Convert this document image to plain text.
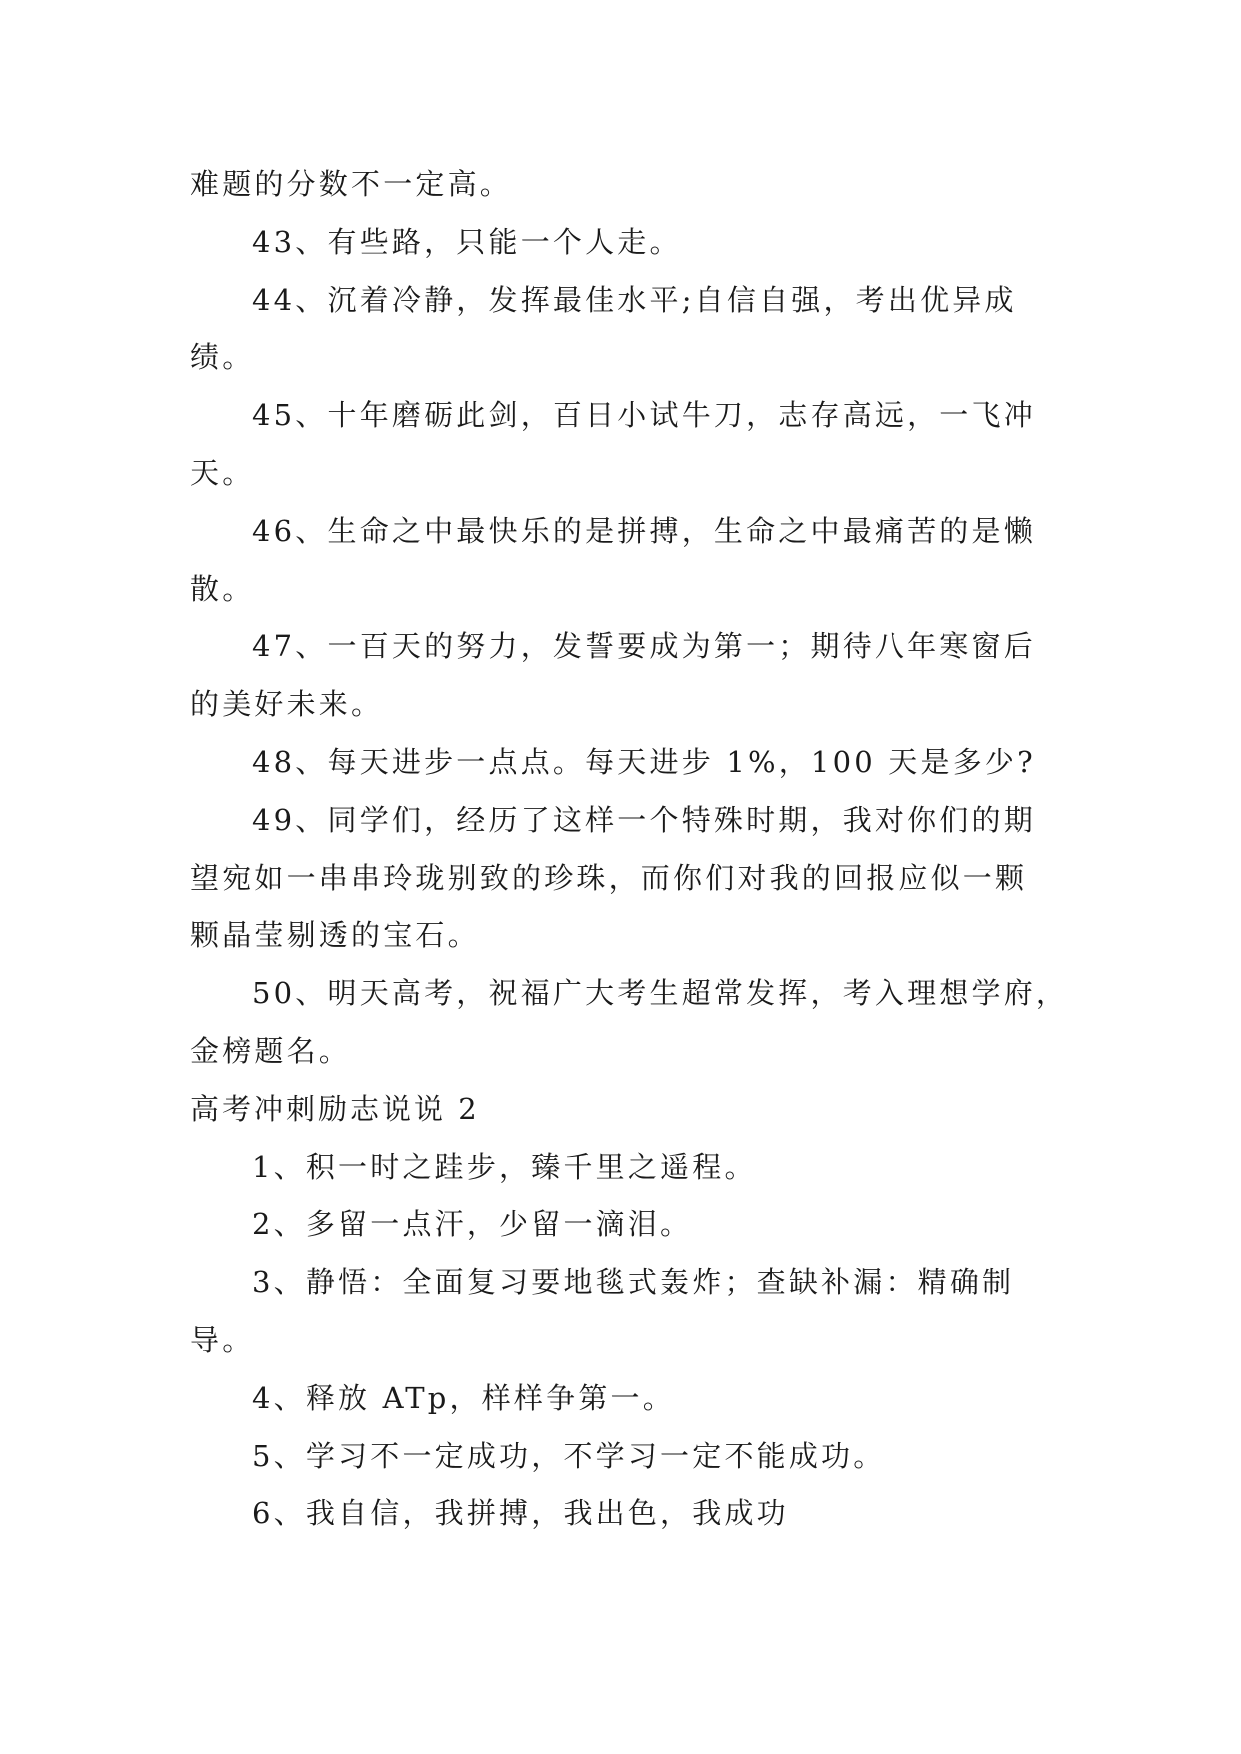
难题的分数不一定高。
43、有些路，只能一个人走。
44、沉着冷静，发挥最佳水平;自信自强，考出优异成
绩。
45、十年磨砺此剑，百日小试牛刀，志存高远，一飞冲
天。
46、生命之中最快乐的是拼搏，生命之中最痛苦的是懒
散。
47、一百天的努力，发誓要成为第一；期待八年寒窗后
的美好未来。
48、每天进步一点点。每天进步 1%，100 天是多少?
49、同学们，经历了这样一个特殊时期，我对你们的期
望宛如一串串玲珑别致的珍珠，而你们对我的回报应似一颗
颗晶莹剔透的宝石。
50、明天高考，祝福广大考生超常发挥，考入理想学府，
金榜题名。
高考冲刺励志说说 2
1、积一时之跬步，臻千里之遥程。
2、多留一点汗，少留一滴泪。
3、静悟：全面复习要地毯式轰炸；查缺补漏：精确制
导。
4、释放 ATp，样样争第一。
5、学习不一定成功，不学习一定不能成功。
6、我自信，我拼搏，我出色，我成功
